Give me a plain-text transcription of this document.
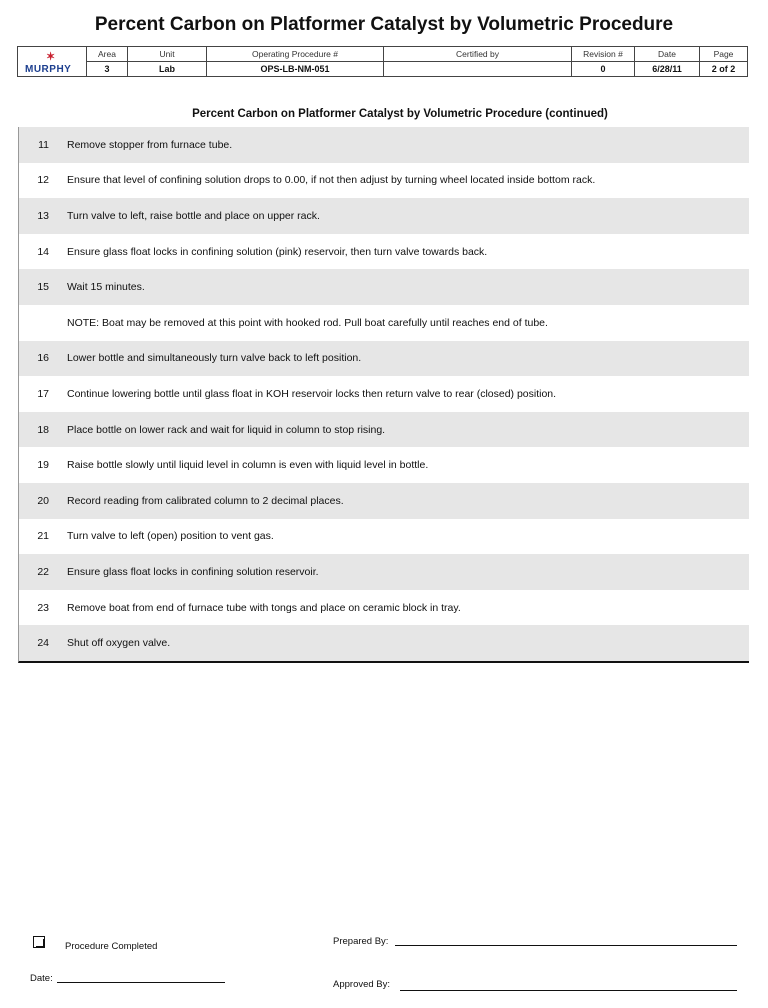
Percent Carbon on Platformer Catalyst by Volumetric Procedure
✶
MURPHY	Area	Unit	Operating Procedure #	Certified by	Revision #	Date	Page
	3	Lab	OPS-LB-NM-051		0	6/28/11	2 of 2

Percent Carbon on Platformer Catalyst by Volumetric Procedure (continued)
11	Remove stopper from furnace tube.
12	Ensure that level of confining solution drops to 0.00, if not then adjust by turning wheel located inside bottom rack.
13	Turn valve to left, raise bottle and place on upper rack.
14	Ensure glass float locks in confining solution (pink) reservoir, then turn valve towards back.
15	Wait 15 minutes.
NOTE: Boat may be removed at this point with hooked rod. Pull boat carefully until reaches end of tube.
16	Lower bottle and simultaneously turn valve back to left position.
17	Continue lowering bottle until glass float in KOH reservoir locks then return valve to rear (closed) position.
18	Place bottle on lower rack and wait for liquid in column to stop rising.
19	Raise bottle slowly until liquid level in column is even with liquid level in bottle.
20	Record reading from calibrated column to 2 decimal places.
21	Turn valve to left (open) position to vent gas.
22	Ensure glass float locks in confining solution reservoir.
23	Remove boat from end of furnace tube with tongs and place on ceramic block in tray.
24	Shut off oxygen valve.
Procedure Completed
Date:
Prepared By:
Approved By:
